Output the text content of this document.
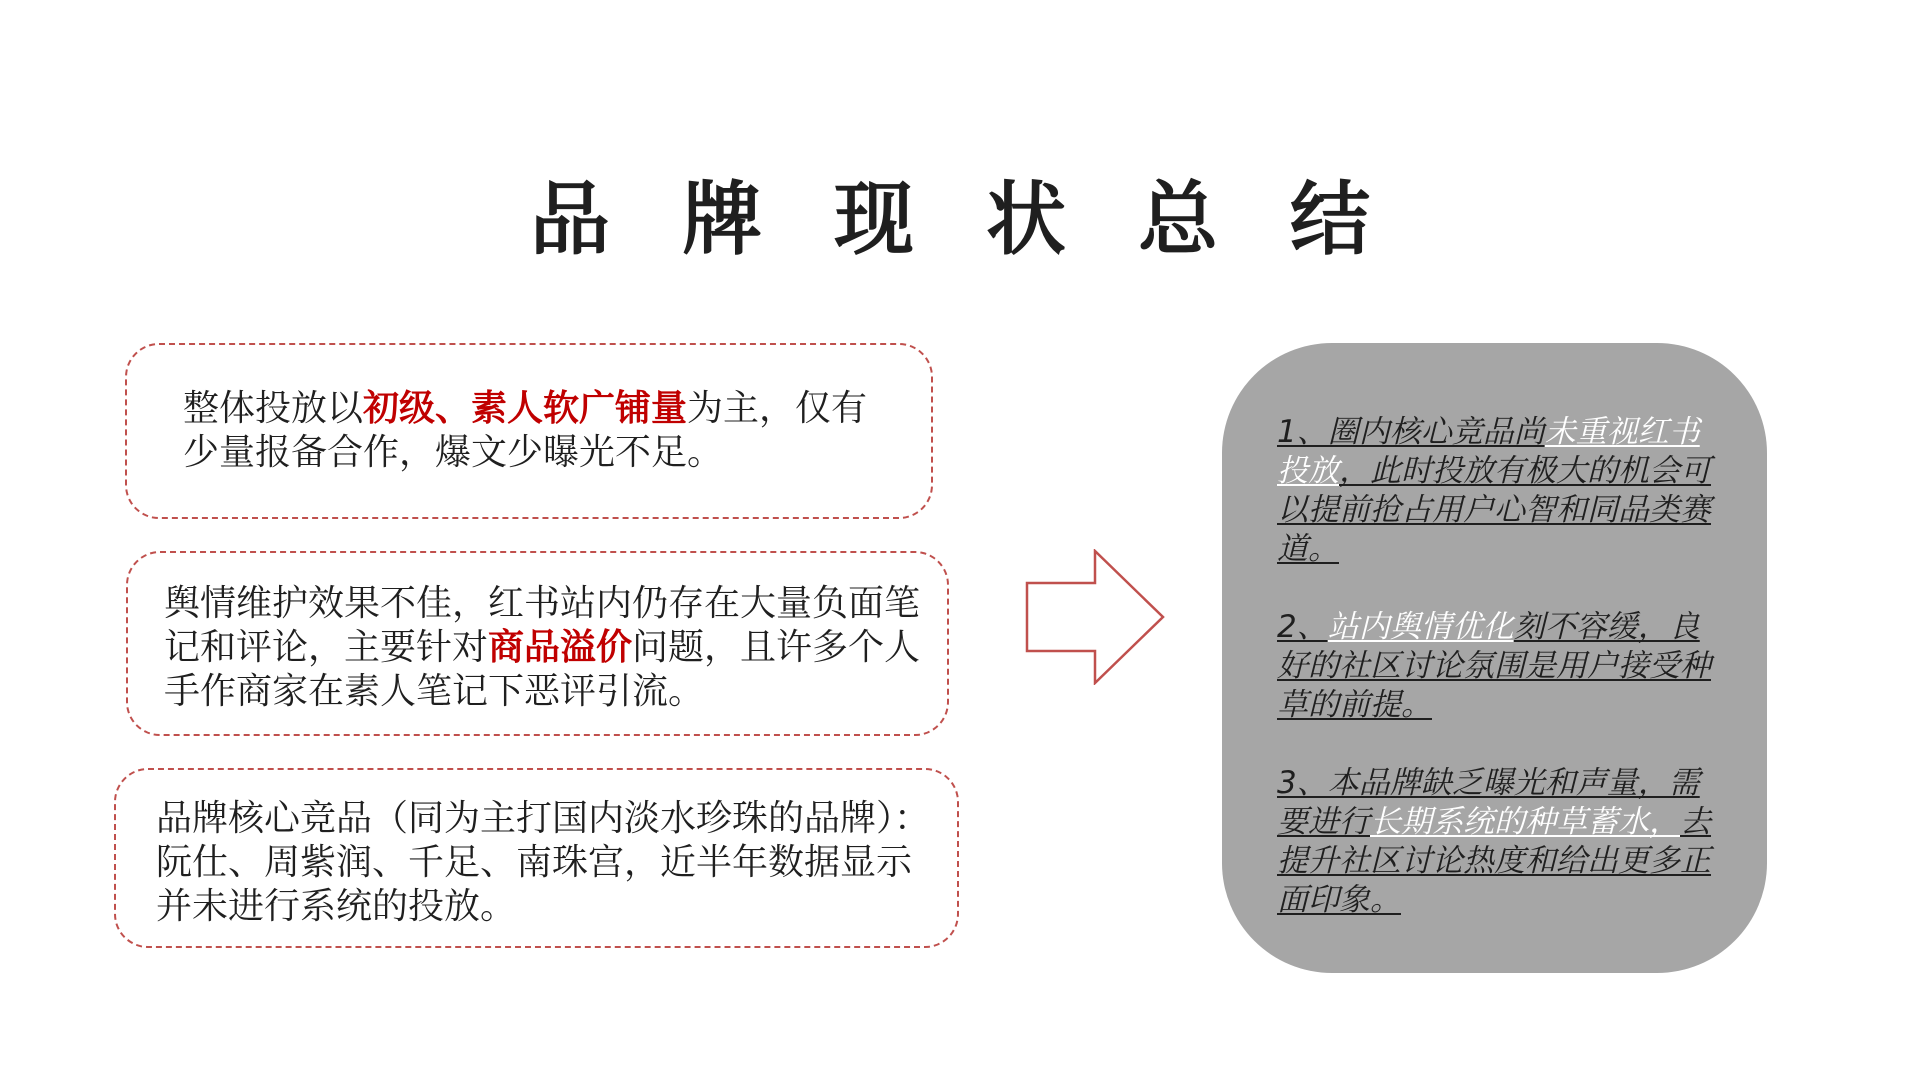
品牌现状总结
整体投放以初级、素人软广铺量为主，仅有少量报备合作，爆文少曝光不足。
舆情维护效果不佳，红书站内仍存在大量负面笔记和评论，主要针对商品溢价问题，且许多个人手作商家在素人笔记下恶评引流。
品牌核心竞品（同为主打国内淡水珍珠的品牌）：阮仕、周紫润、千足、南珠宫，近半年数据显示并未进行系统的投放。

1、圈内核心竞品尚未重视红书投放，此时投放有极大的机会可以提前抢占用户心智和同品类赛道。

2、站内舆情优化刻不容缓，良好的社区讨论氛围是用户接受种草的前提。

3、本品牌缺乏曝光和声量，需要进行长期系统的种草蓄水，去提升社区讨论热度和给出更多正面印象。
